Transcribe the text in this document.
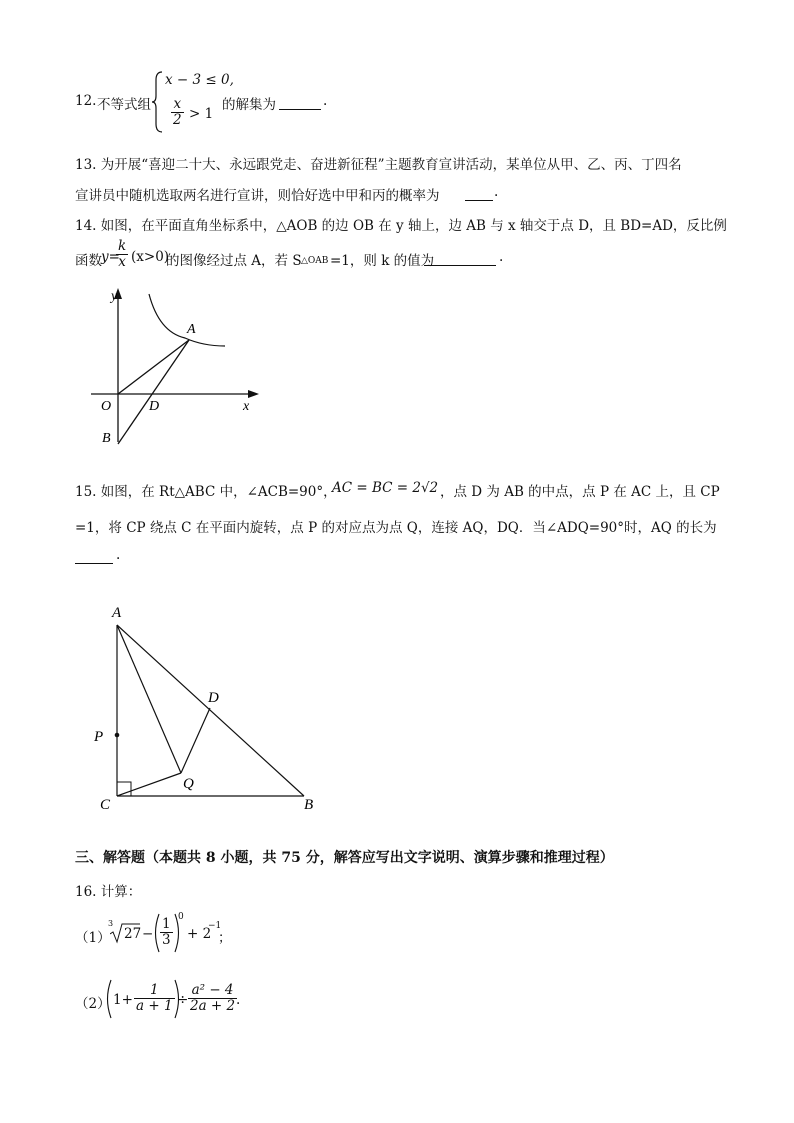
12. 不等式组
x − 3 ≤ 0,
$\frac{x}{2} > 1$
的解集为	.
13. 为开展“喜迎二十大、永远跟党走、奋进新征程”主题教育宣讲活动，某单位从甲、乙、丙、丁四名
宣讲员中随机选取两名进行宣讲，则恰好选中甲和丙的概率为	.
14. 如图，在平面直角坐标系中，△AOB 的边 OB 在 y 轴上，边 AB 与 x 轴交于点 D，且 BD=AD，反比例
函数 y=
$\frac{k}{x} (x>0)$
的图像经过点 A，若 S △OAB =1，则 k 的值为	.
y
x
A
O	D
B
15. 如图，在 Rt△ABC 中，∠ACB=90°，
AC = BC = 2√2 ，点 D 为 AB 的中点，点 P 在 AC 上，且 CP
=1，将 CP 绕点 C 在平面内旋转，点 P 的对应点为点 Q，连接 AQ，DQ．当∠ADQ=90°时，AQ 的长为
.
A
D
P
Q
C	B
三、解答题（本题共 8 小题，共 75 分，解答应写出文字说明、演算步骤和推理过程）
16. 计算：
（1）
3
$27 - \frac{1}{3} 0$
+ 2
−1
；
（2） $1+ \frac{1}{a + 1} \div \frac{\text{a² − 4}}{2a + 2}$
.
